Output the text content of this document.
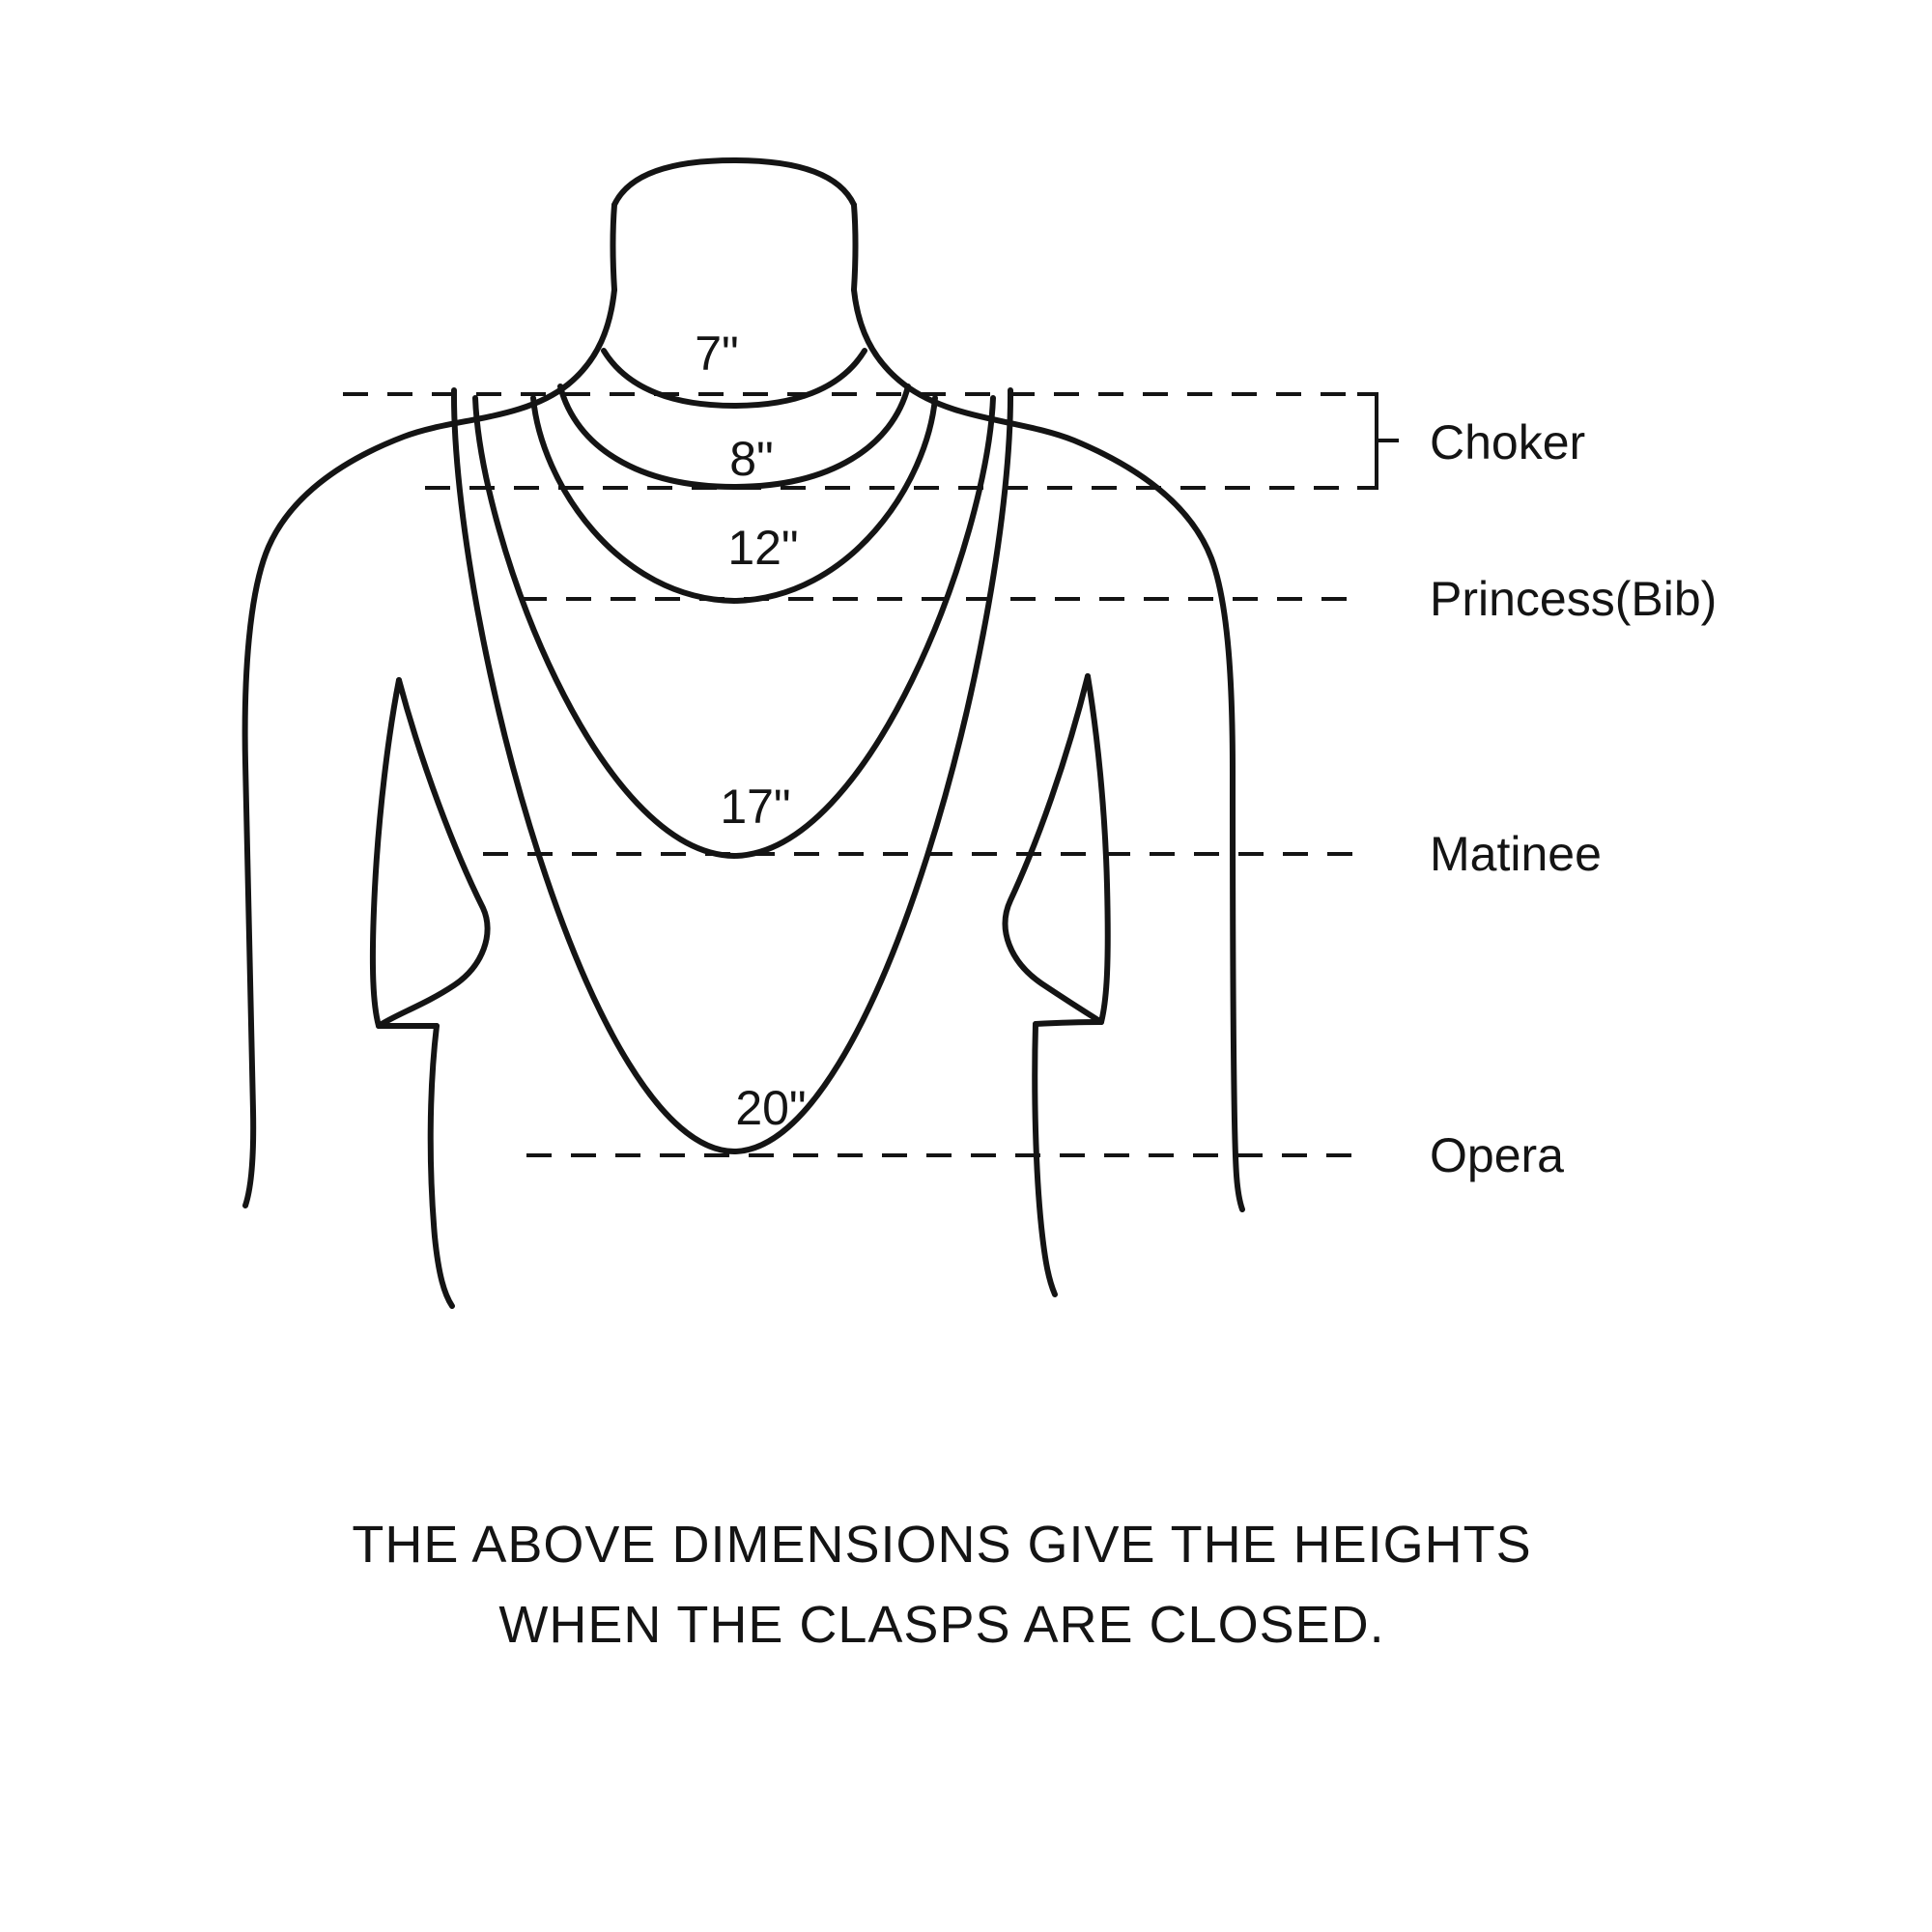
7"
8"
12"
17"
20"
Choker
Princess(Bib)
Matinee
Opera
THE ABOVE DIMENSIONS GIVE THE HEIGHTS
WHEN THE CLASPS ARE CLOSED.
